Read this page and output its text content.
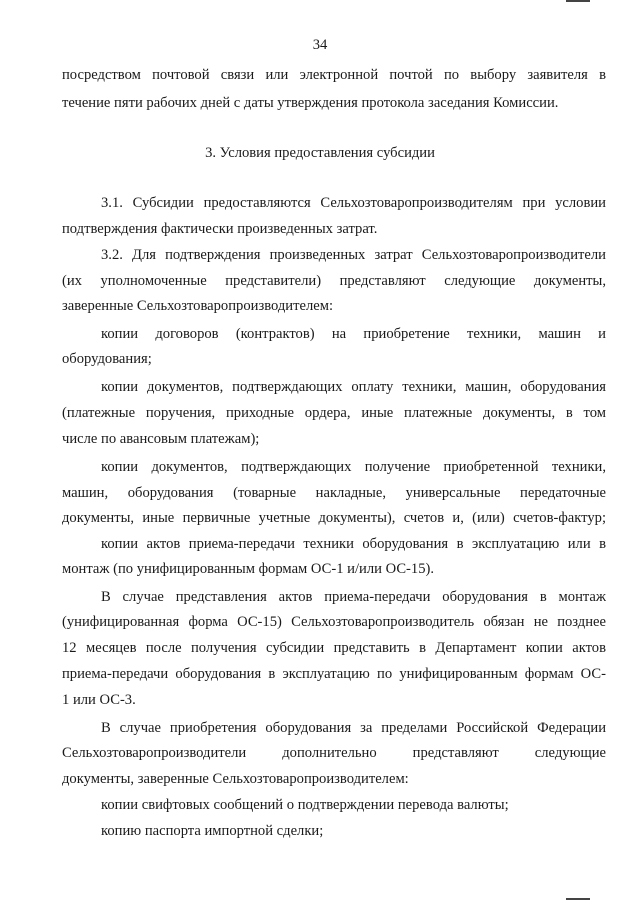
34
посредством почтовой связи или электронной почтой по выбору заявителя в
течение пяти рабочих дней с даты утверждения протокола заседания Комиссии.
3. Условия предоставления субсидии
3.1. Субсидии предоставляются Сельхозтоваропроизводителям при условии
подтверждения фактически произведенных затрат.
3.2. Для подтверждения произведенных затрат Сельхозтоваропроизводители
(их уполномоченные представители) представляют следующие документы,
заверенные Сельхозтоваропроизводителем:
копии договоров (контрактов) на приобретение техники, машин и
оборудования;
копии документов, подтверждающих оплату техники, машин, оборудования
(платежные поручения, приходные ордера, иные платежные документы, в том
числе по авансовым платежам);
копии документов, подтверждающих получение приобретенной техники,
машин, оборудования (товарные накладные, универсальные передаточные
документы, иные первичные учетные документы), счетов и, (или) счетов-фактур;
копии актов приема-передачи техники оборудования в эксплуатацию или в
монтаж (по унифицированным формам ОС-1 и/или ОС-15).
В случае представления актов приема-передачи оборудования в монтаж
(унифицированная форма ОС-15) Сельхозтоваропроизводитель обязан не позднее
12 месяцев после получения субсидии представить в Департамент копии актов
приема-передачи оборудования в эксплуатацию по унифицированным формам ОС-
1 или ОС-3.
В случае приобретения оборудования за пределами Российской Федерации
Сельхозтоваропроизводители дополнительно представляют следующие
документы, заверенные Сельхозтоваропроизводителем:
копии свифтовых сообщений о подтверждении перевода валюты;
копию паспорта импортной сделки;
